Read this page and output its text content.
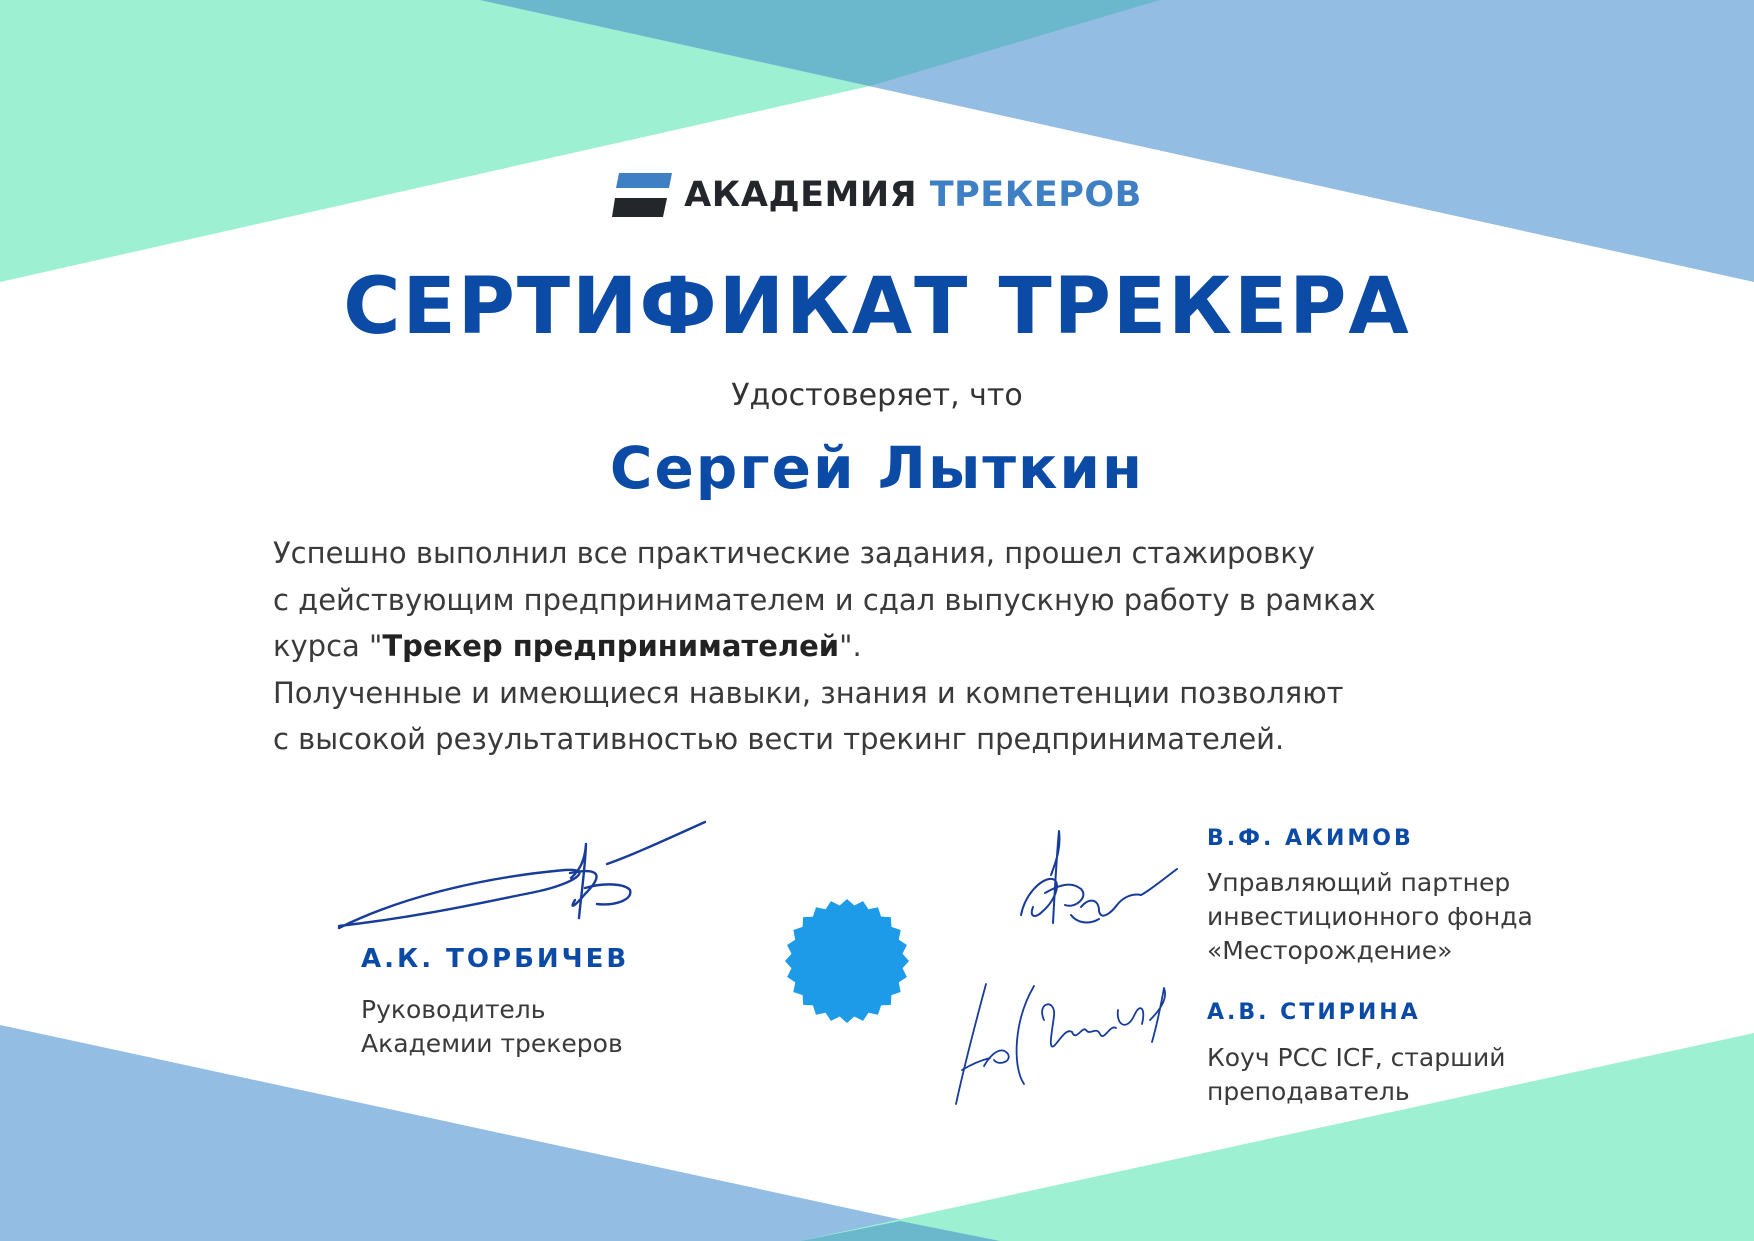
АКАДЕМИЯ ТРЕКЕРОВ
СЕРТИФИКАТ ТРЕКЕРА
Удостоверяет, что
Сергей Лыткин
Успешно выполнил все практические задания, прошел стажировку
с действующим предпринимателем и сдал выпускную работу в рамках
курса "Трекер предпринимателей".
Полученные и имеющиеся навыки, знания и компетенции позволяют
с высокой результативностью вести трекинг предпринимателей.
А.К. ТОРБИЧЕВ
Руководитель
Академии трекеров
В.Ф. АКИМОВ
Управляющий партнер
инвестиционного фонда
«Месторождение»
А.В. СТИРИНА
Коуч PCC ICF, старший
преподаватель
